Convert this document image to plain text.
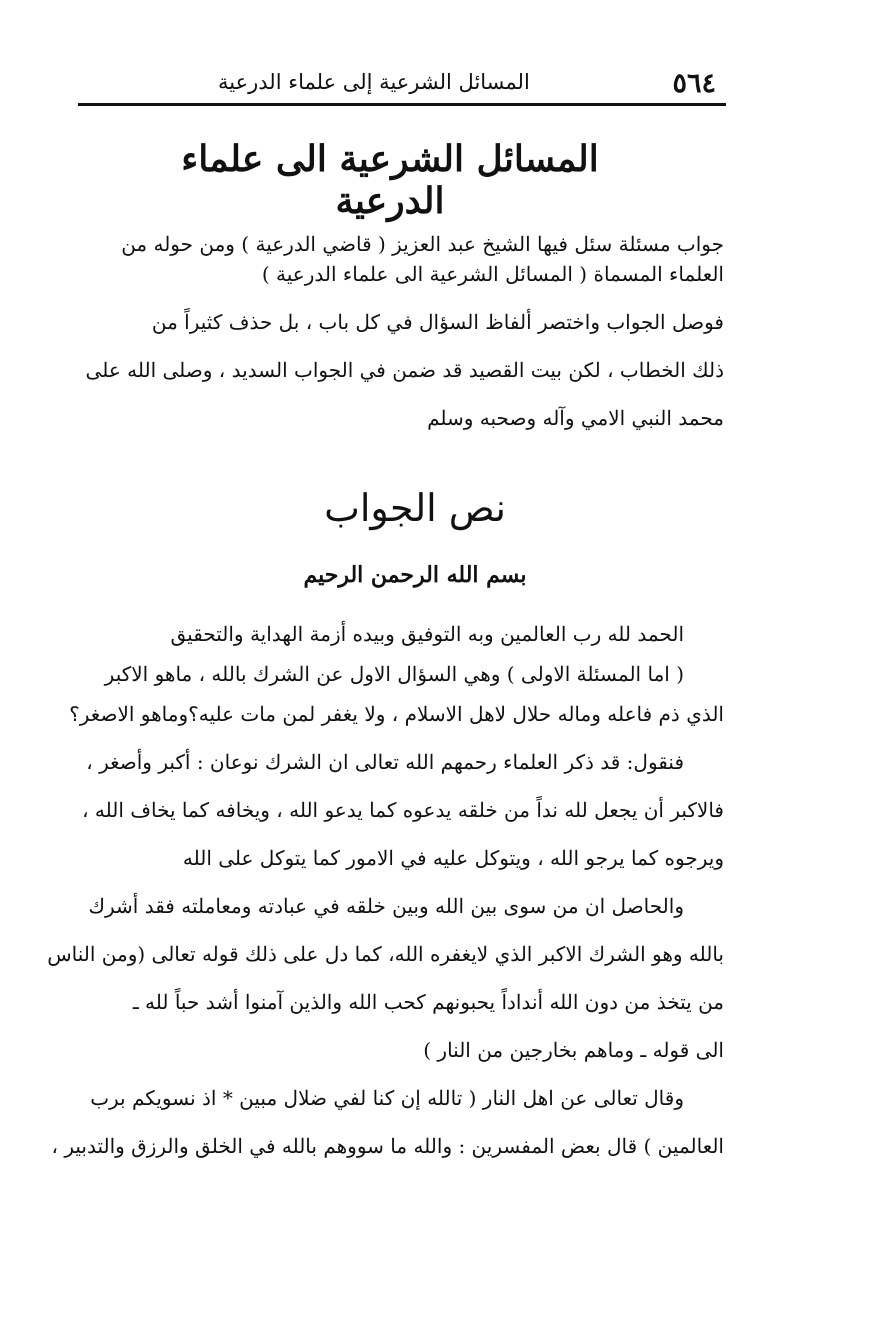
٥٦٤
المسائل الشرعية إلى علماء الدرعية
المسائل الشرعية الى علماء الدرعية
جواب مسئلة سئل فيها الشيخ عبد العزيز ( قاضي الدرعية ) ومن حوله من
العلماء المسماة ( المسائل الشرعية الى علماء الدرعية )
فوصل الجواب واختصر ألفاظ السؤال في كل باب ، بل حذف كثيراً من
ذلك الخطاب ، لكن بيت القصيد قد ضمن في الجواب السديد ، وصلى الله على
محمد النبي الامي وآله وصحبه وسلم
نص الجواب
بسم الله الرحمن الرحيم
الحمد لله رب العالمين وبه التوفيق وبيده أزمة الهداية والتحقيق
( اما المسئلة الاولى ) وهي السؤال الاول عن الشرك بالله ، ماهو الاكبر
الذي ذم فاعله وماله حلال لاهل الاسلام ، ولا يغفر لمن مات عليه؟وماهو الاصغر؟
فنقول: قد ذكر العلماء رحمهم الله تعالى ان الشرك نوعان : أكبر وأصغر ،
فالاكبر أن يجعل لله نداً من خلقه يدعوه كما يدعو الله ، ويخافه كما يخاف الله ،
ويرجوه كما يرجو الله ، ويتوكل عليه في الامور كما يتوكل على الله
والحاصل ان من سوى بين الله وبين خلقه في عبادته ومعاملته فقد أشرك
بالله وهو الشرك الاكبر الذي لايغفره الله، كما دل على ذلك قوله تعالى (ومن الناس
من يتخذ من دون الله أنداداً يحبونهم كحب الله والذين آمنوا أشد حباً لله ـ
الى قوله ـ وماهم بخارجين من النار )
وقال تعالى عن اهل النار ( تالله إن كنا لفي ضلال مبين * اذ نسويكم برب
العالمين ) قال بعض المفسرين : والله ما سووهم بالله في الخلق والرزق والتدبير ،
